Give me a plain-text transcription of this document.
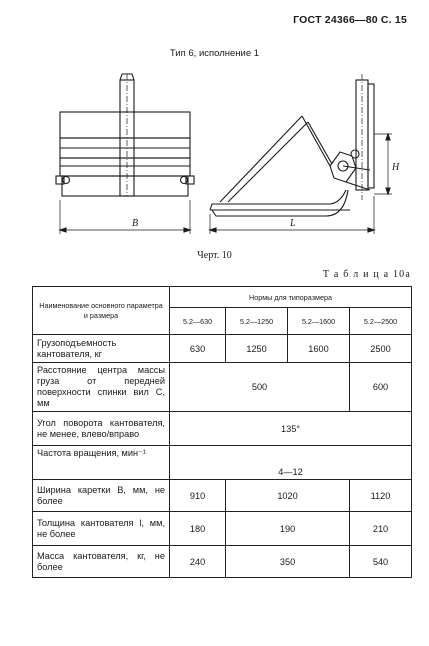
ГОСТ 24366—80 С. 15
Тип 6, исполнение 1
B	L
H
Черт. 10
Т а б л и ц а 10а
Наименование основного параметра и размера	Нормы для типоразмера			
	5.2—630	5.2—1250	5.2—1600	5.2—2500
Грузоподъемность кантователя, кг	630	1250	1600	2500
Расстояние центра массы груза от передней поверхности спинки вил С, мм	500			600
Угол поворота кантователя, не менее, влево/вправо	135°			
Частота вращения, мин⁻¹	4—12			
Ширина каретки В, мм, не более	910	1020		1120
Толщина кантователя l, мм, не более	180	190		210
Масса кантователя, кг, не более	240	350		540
